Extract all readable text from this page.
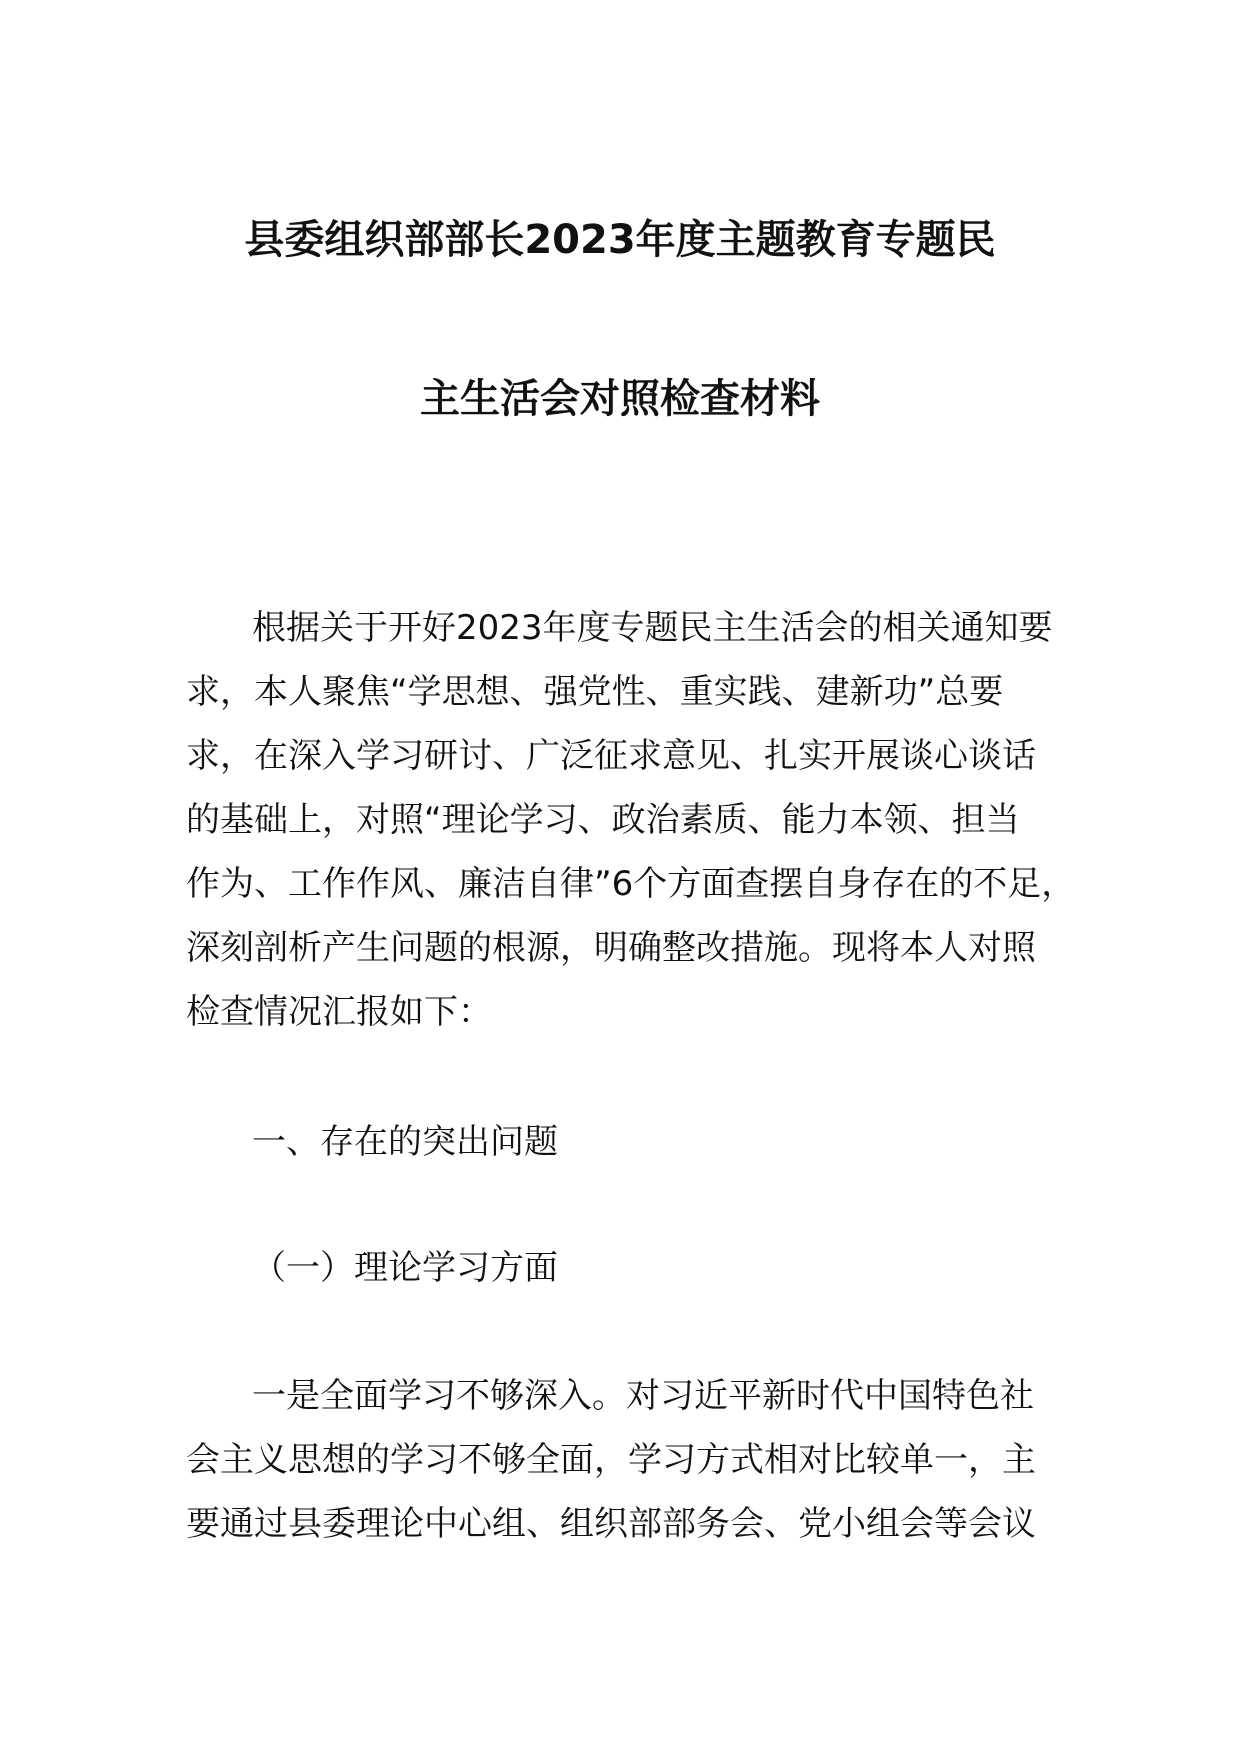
县委组织部部长2023年度主题教育专题民
主生活会对照检查材料
根据关于开好2023年度专题民主生活会的相关通知要
求，本人聚焦“学思想、强党性、重实践、建新功”总要
求，在深入学习研讨、广泛征求意见、扎实开展谈心谈话
的基础上，对照“理论学习、政治素质、能力本领、担当
作为、工作作风、廉洁自律”6个方面查摆自身存在的不足，
深刻剖析产生问题的根源，明确整改措施。现将本人对照
检查情况汇报如下：
一、存在的突出问题
（一）理论学习方面
一是全面学习不够深入。对习近平新时代中国特色社
会主义思想的学习不够全面，学习方式相对比较单一，主
要通过县委理论中心组、组织部部务会、党小组会等会议
